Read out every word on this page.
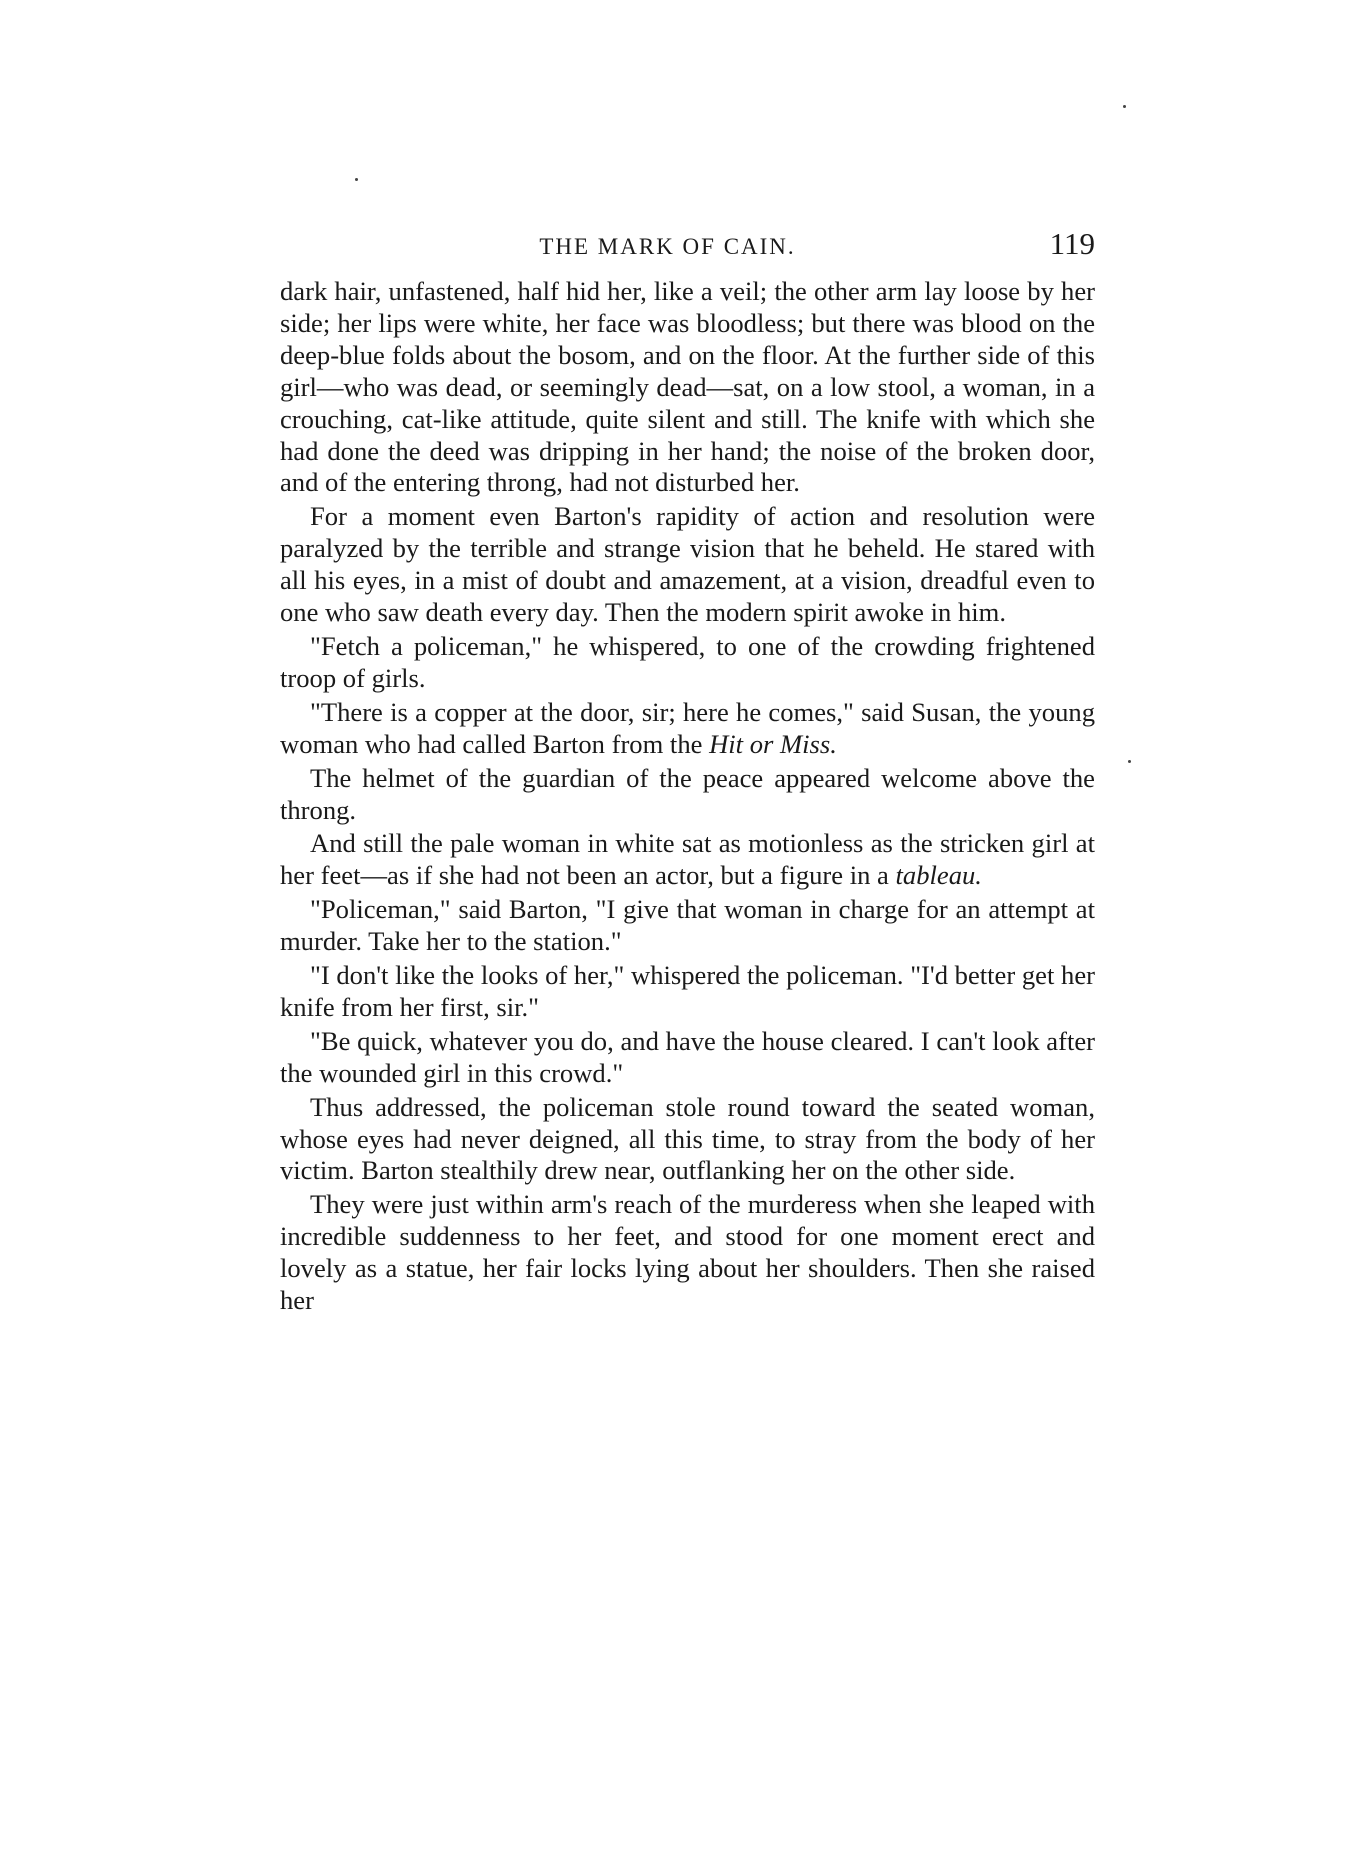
THE MARK OF CAIN.	119

dark hair, unfastened, half hid her, like a veil; the other arm lay loose by her side; her lips were white, her face was bloodless; but there was blood on the deep-blue folds about the bosom, and on the floor. At the further side of this girl—who was dead, or seemingly dead—sat, on a low stool, a woman, in a crouching, cat-like attitude, quite silent and still. The knife with which she had done the deed was dripping in her hand; the noise of the broken door, and of the entering throng, had not disturbed her.

For a moment even Barton's rapidity of action and resolution were paralyzed by the terrible and strange vision that he beheld. He stared with all his eyes, in a mist of doubt and amazement, at a vision, dreadful even to one who saw death every day. Then the modern spirit awoke in him.

"Fetch a policeman," he whispered, to one of the crowding frightened troop of girls.

"There is a copper at the door, sir; here he comes," said Susan, the young woman who had called Barton from the Hit or Miss.

The helmet of the guardian of the peace appeared welcome above the throng.

And still the pale woman in white sat as motionless as the stricken girl at her feet—as if she had not been an actor, but a figure in a tableau.

"Policeman," said Barton, "I give that woman in charge for an attempt at murder. Take her to the station."

"I don't like the looks of her," whispered the policeman. "I'd better get her knife from her first, sir."

"Be quick, whatever you do, and have the house cleared. I can't look after the wounded girl in this crowd."

Thus addressed, the policeman stole round toward the seated woman, whose eyes had never deigned, all this time, to stray from the body of her victim. Barton stealthily drew near, outflanking her on the other side.

They were just within arm's reach of the murderess when she leaped with incredible suddenness to her feet, and stood for one moment erect and lovely as a statue, her fair locks lying about her shoulders. Then she raised her
